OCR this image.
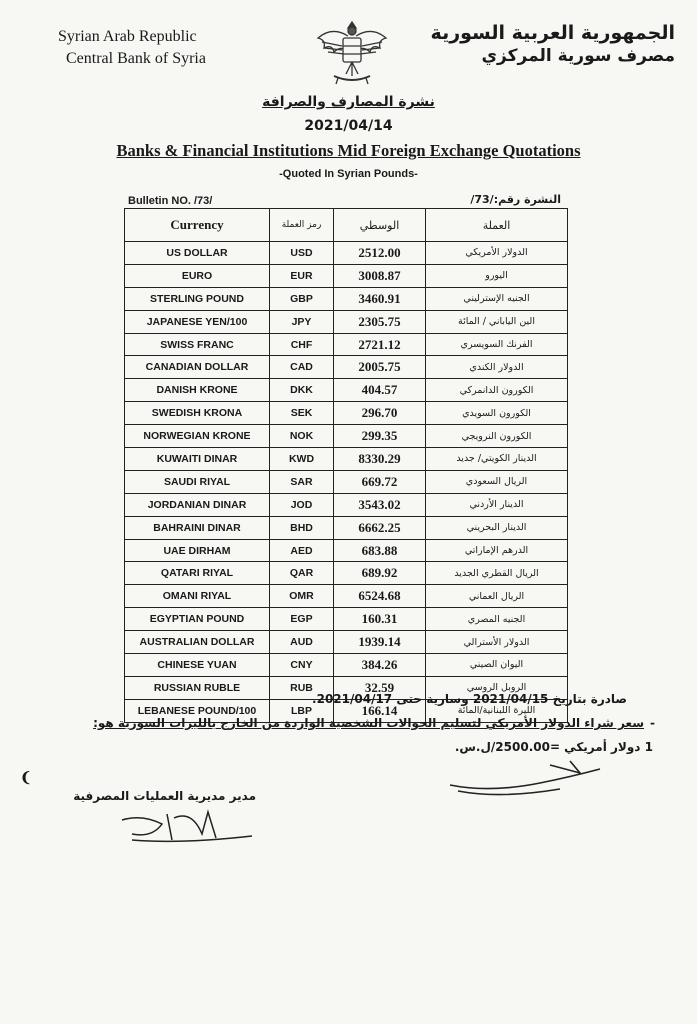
Syrian Arab Republic
Central Bank of Syria
الجمهورية العربية السورية
مصرف سورية المركزي
نشرة المصارف والصرافة
2021/04/14
Banks & Financial Institutions Mid Foreign Exchange Quotations
-Quoted In Syrian Pounds-
Bulletin NO. /73/	النشرة رقم:/73/
Currency	رمز العملة	الوسطي	العملة
US DOLLAR	USD	2512.00	الدولار الأمريكي
EURO	EUR	3008.87	اليورو
STERLING POUND	GBP	3460.91	الجنيه الإسترليني
JAPANESE YEN/100	JPY	2305.75	الين الياباني / المائة
SWISS FRANC	CHF	2721.12	الفرنك السويسري
CANADIAN DOLLAR	CAD	2005.75	الدولار الكندي
DANISH KRONE	DKK	404.57	الكورون الدانمركي
SWEDISH KRONA	SEK	296.70	الكورون السويدي
NORWEGIAN KRONE	NOK	299.35	الكورون النرويجي
KUWAITI DINAR	KWD	8330.29	الدينار الكويتي/ جديد
SAUDI RIYAL	SAR	669.72	الريال السعودي
JORDANIAN DINAR	JOD	3543.02	الدينار الأردني
BAHRAINI DINAR	BHD	6662.25	الدينار البحريني
UAE DIRHAM	AED	683.88	الدرهم الإماراتي
QATARI RIYAL	QAR	689.92	الريال القطري الجديد
OMANI RIYAL	OMR	6524.68	الريال العماني
EGYPTIAN POUND	EGP	160.31	الجنيه المصري
AUSTRALIAN DOLLAR	AUD	1939.14	الدولار الأسترالي
CHINESE YUAN	CNY	384.26	اليوان الصيني
RUSSIAN RUBLE	RUB	32.59	الروبل الروسي
LEBANESE POUND/100	LBP	166.14	الليرة اللبنانية/المائة
صادرة بتاريخ 2021/04/15 وسارية حتى 2021/04/17.
-سعر شراء الدولار الأمريكي لتسليم الحوالات الشخصية الواردة من الخارج بالليرات السورية هو:
1 دولار أمريكي =2500.00/ل.س.
مدير مديرية العمليات المصرفية
❨
